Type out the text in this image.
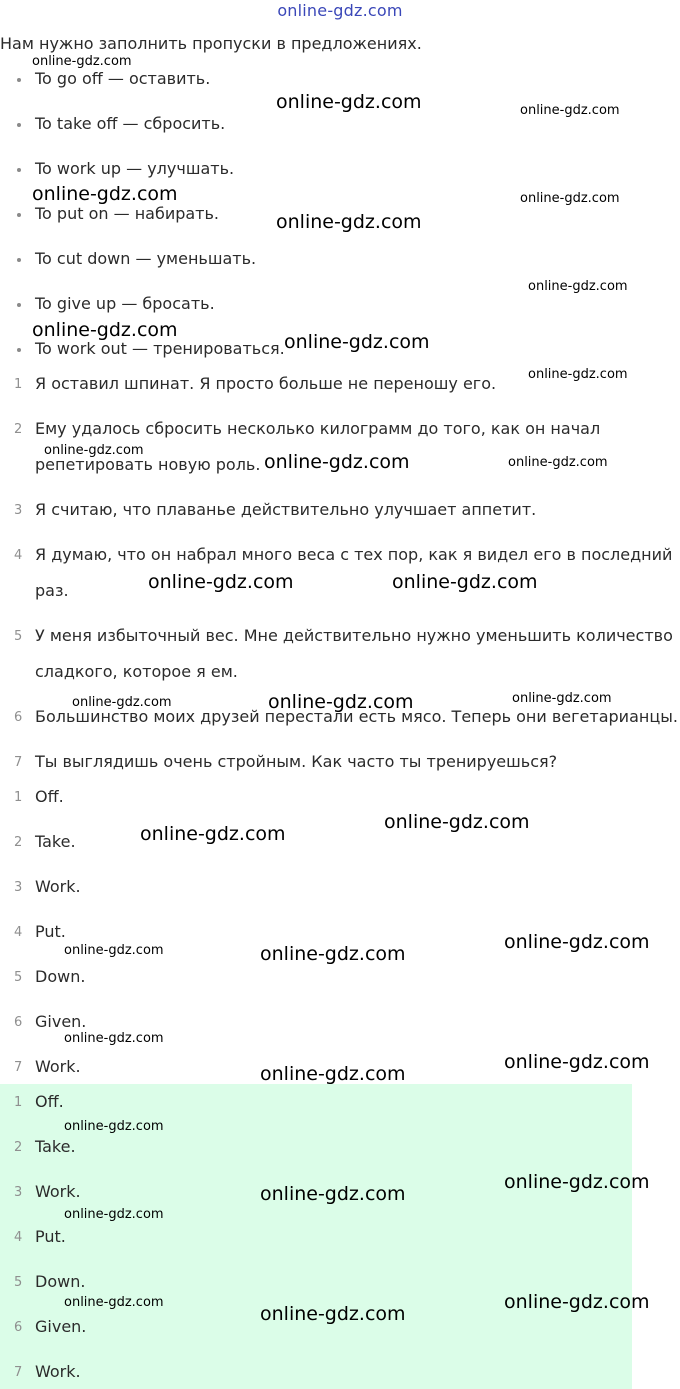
online-gdz.com
Нам нужно заполнить пропуски в предложениях.
To go off — оставить.
To take off — сбросить.
To work up — улучшать.
To put on — набирать.
To cut down — уменьшать.
To give up — бросать.
To work out — тренироваться.
1 Я оставил шпинат. Я просто больше не переношу его.
2 Ему удалось сбросить несколько килограмм до того, как он начал
репетировать новую роль.
3 Я считаю, что плаванье действительно улучшает аппетит.
4 Я думаю, что он набрал много веса с тех пор, как я видел его в последний
раз.
5 У меня избыточный вес. Мне действительно нужно уменьшить количество
сладкого, которое я ем.
6 Большинство моих друзей перестали есть мясо. Теперь они вегетарианцы.
7 Ты выглядишь очень стройным. Как часто ты тренируешься?
1 Off.
2 Take.
3 Work.
4 Put.
5 Down.
6 Given.
7 Work.
1 Off.
2 Take.
3 Work.
4 Put.
5 Down.
6 Given.
7 Work.
online-gdz.com
online-gdz.com	online-gdz.com
online-gdz.com	online-gdz.com
online-gdz.com
online-gdz.com
online-gdz.com
online-gdz.com
online-gdz.com
online-gdz.com
online-gdz.com	online-gdz.com
online-gdz.com	online-gdz.com
online-gdz.com	online-gdz.com
online-gdz.com
online-gdz.com
online-gdz.com
online-gdz.com
online-gdz.com	online-gdz.com
online-gdz.com
online-gdz.com
online-gdz.com
online-gdz.com
online-gdz.com
online-gdz.com
online-gdz.com
online-gdz.com	online-gdz.com
online-gdz.com
